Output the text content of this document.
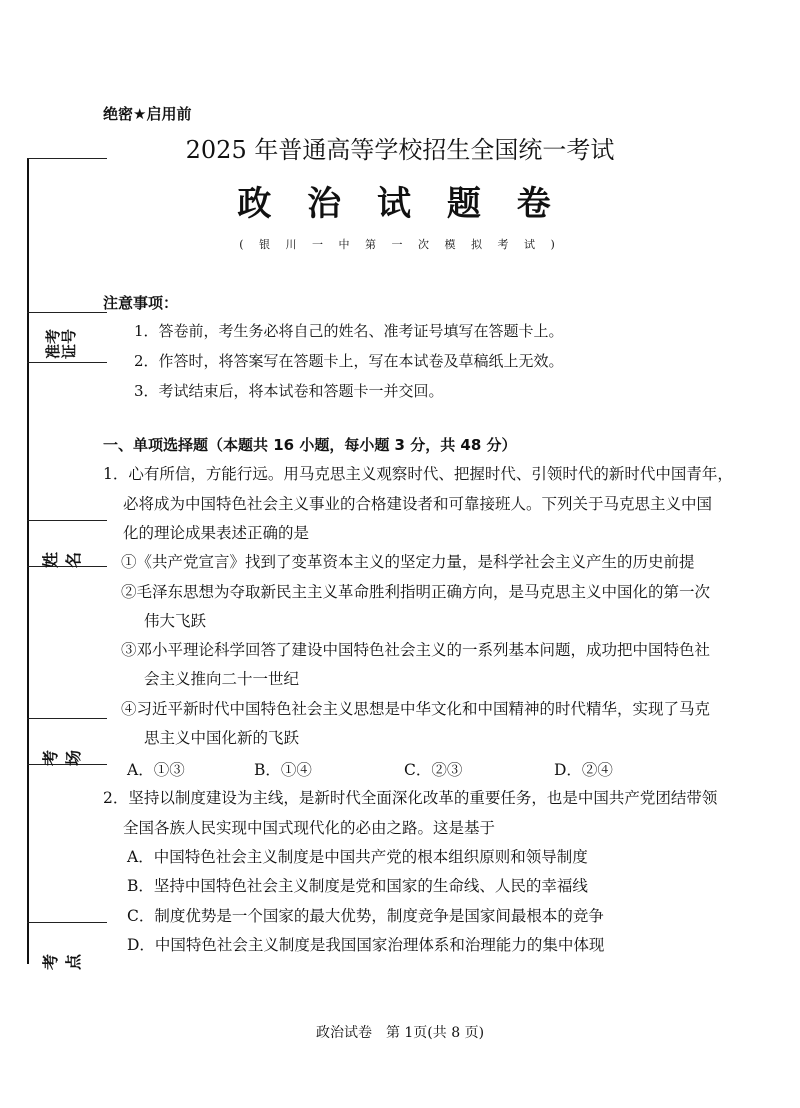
准考证号
姓名
考场
考点
绝密★启用前
2025 年普通高等学校招生全国统一考试
政 治 试 题 卷
( 银 川 一 中 第 一 次 模 拟 考 试 )
注意事项：
1．答卷前，考生务必将自己的姓名、准考证号填写在答题卡上。
2．作答时，将答案写在答题卡上，写在本试卷及草稿纸上无效。
3．考试结束后，将本试卷和答题卡一并交回。
一、单项选择题（本题共 16 小题，每小题 3 分，共 48 分）
1．心有所信，方能行远。用马克思主义观察时代、把握时代、引领时代的新时代中国青年，
必将成为中国特色社会主义事业的合格建设者和可靠接班人。下列关于马克思主义中国
化的理论成果表述正确的是
①《共产党宣言》找到了变革资本主义的坚定力量，是科学社会主义产生的历史前提
②毛泽东思想为夺取新民主主义革命胜利指明正确方向，是马克思主义中国化的第一次
伟大飞跃
③邓小平理论科学回答了建设中国特色社会主义的一系列基本问题，成功把中国特色社
会主义推向二十一世纪
④习近平新时代中国特色社会主义思想是中华文化和中国精神的时代精华，实现了马克
思主义中国化新的飞跃
A．①③	B．①④	C．②③	D．②④
2．坚持以制度建设为主线，是新时代全面深化改革的重要任务，也是中国共产党团结带领
全国各族人民实现中国式现代化的必由之路。这是基于
A．中国特色社会主义制度是中国共产党的根本组织原则和领导制度
B．坚持中国特色社会主义制度是党和国家的生命线、人民的幸福线
C．制度优势是一个国家的最大优势，制度竞争是国家间最根本的竞争
D．中国特色社会主义制度是我国国家治理体系和治理能力的集中体现
政治试卷　第 1页(共 8 页)
